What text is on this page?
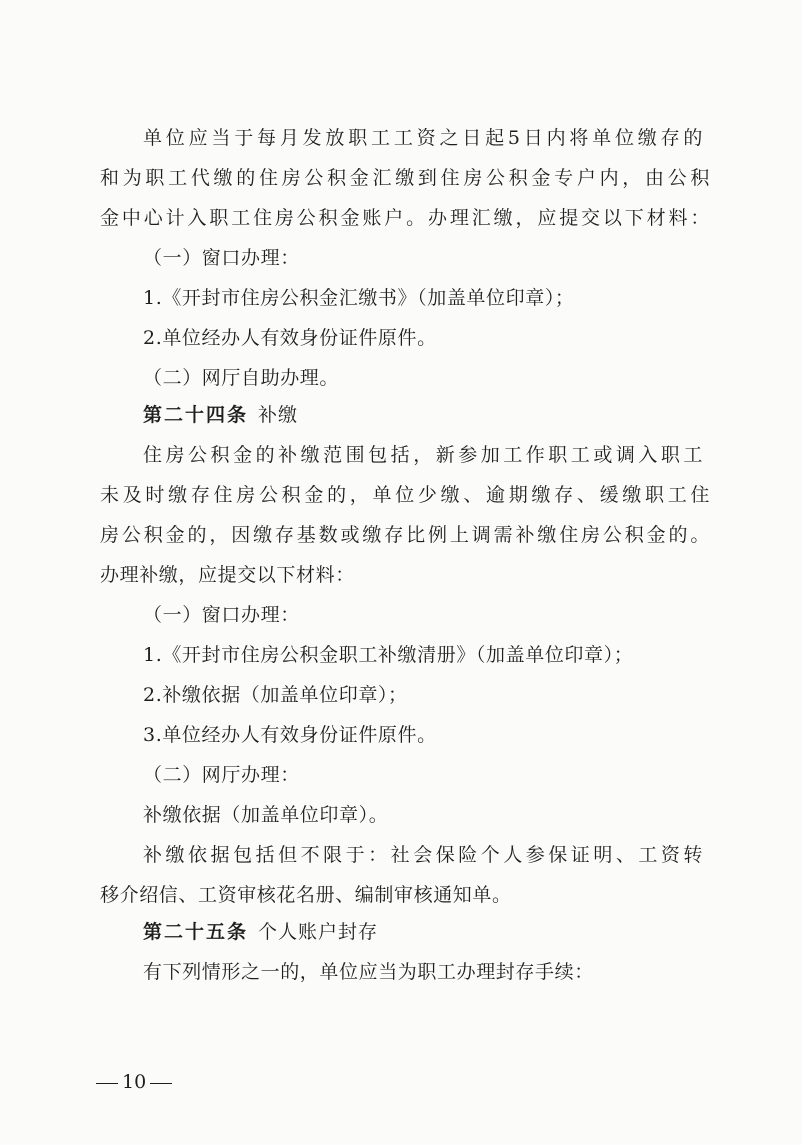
单位应当于每月发放职工工资之日起5日内将单位缴存的
和为职工代缴的住房公积金汇缴到住房公积金专户内，由公积
金中心计入职工住房公积金账户。办理汇缴，应提交以下材料：
（一）窗口办理：
1.《开封市住房公积金汇缴书》（加盖单位印章）；
2.单位经办人有效身份证件原件。
（二）网厅自助办理。
第二十四条 补缴
住房公积金的补缴范围包括，新参加工作职工或调入职工
未及时缴存住房公积金的，单位少缴、逾期缴存、缓缴职工住
房公积金的，因缴存基数或缴存比例上调需补缴住房公积金的。
办理补缴，应提交以下材料：
（一）窗口办理：
1.《开封市住房公积金职工补缴清册》（加盖单位印章）；
2.补缴依据（加盖单位印章）；
3.单位经办人有效身份证件原件。
（二）网厅办理：
补缴依据（加盖单位印章）。
补缴依据包括但不限于：社会保险个人参保证明、工资转
移介绍信、工资审核花名册、编制审核通知单。
第二十五条 个人账户封存
有下列情形之一的，单位应当为职工办理封存手续：
10
